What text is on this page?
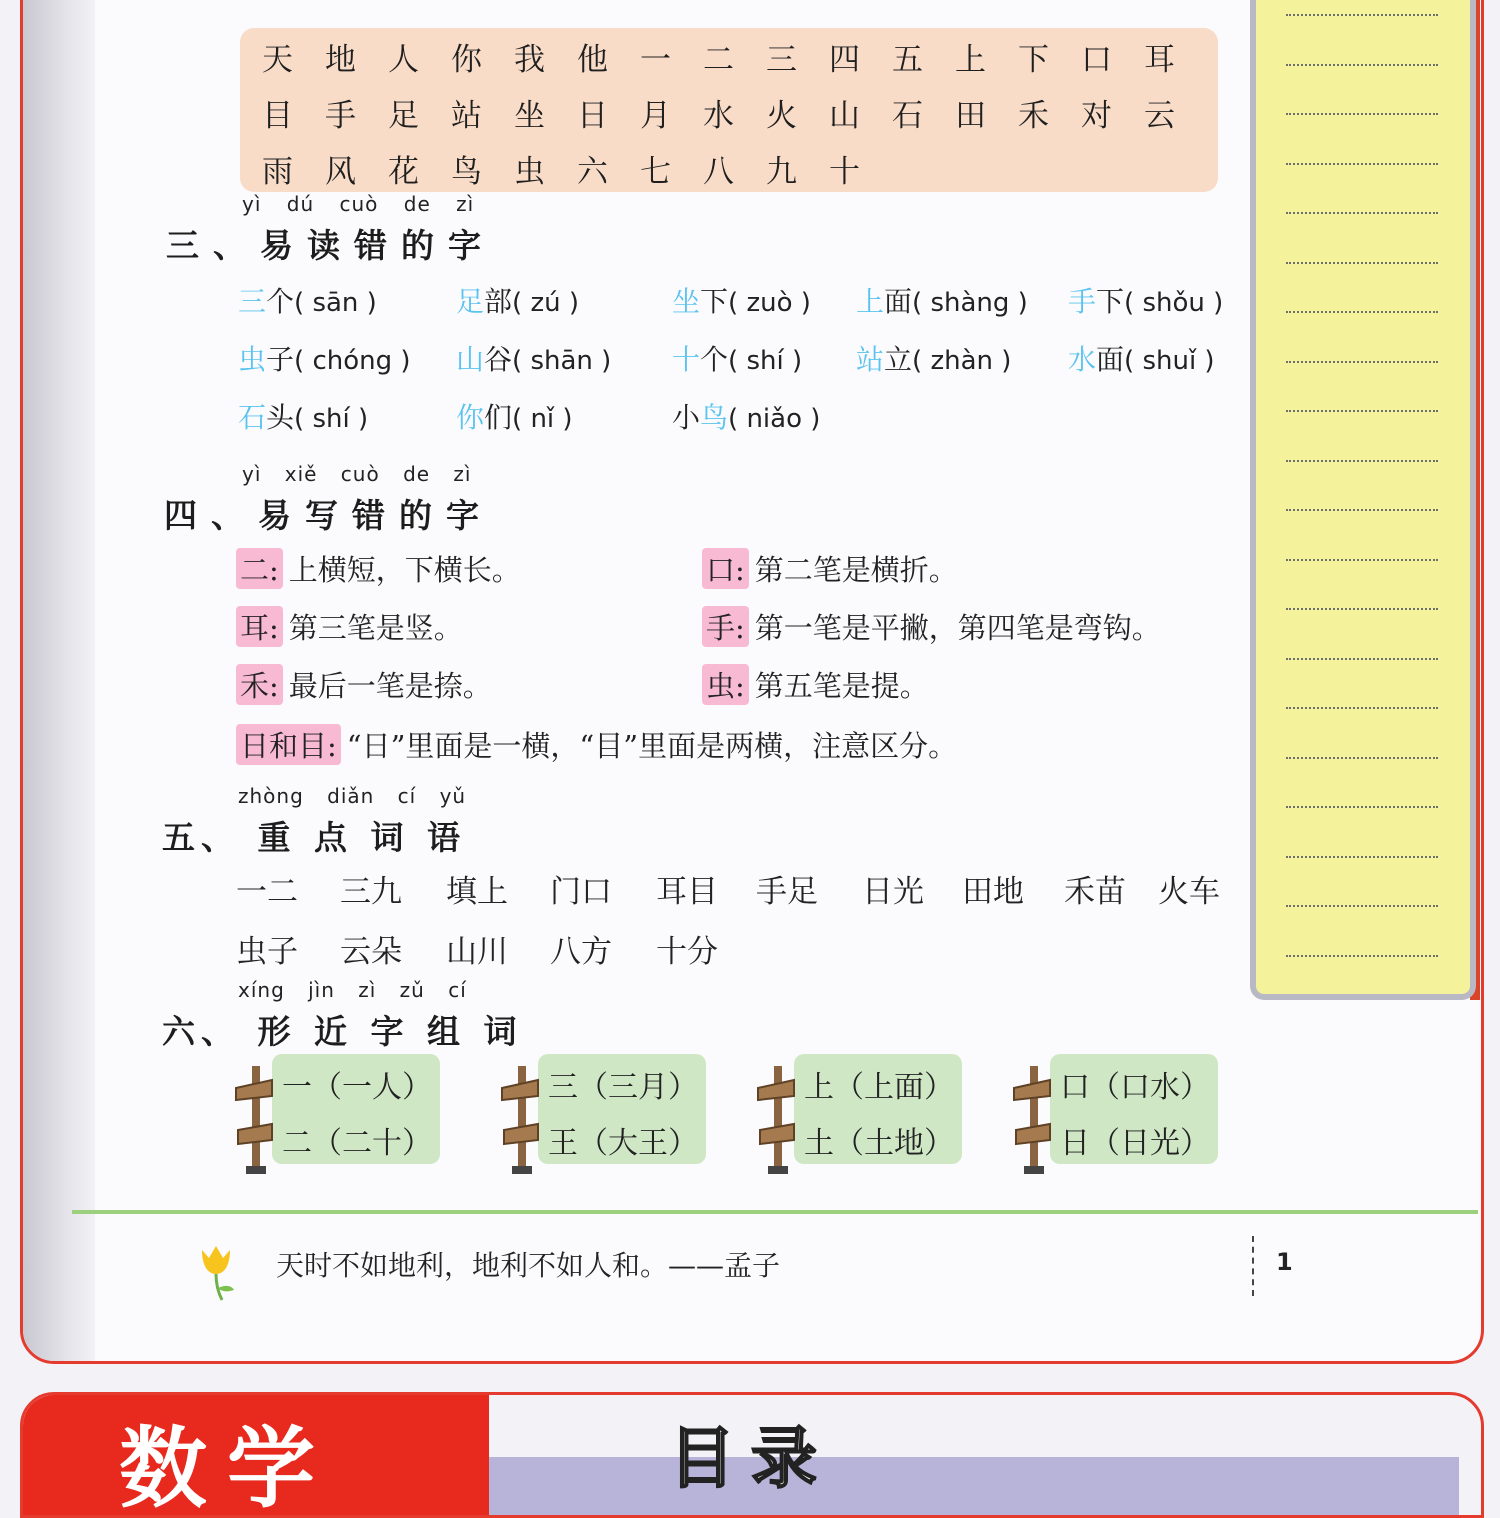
天 地 人 你 我 他 一 二 三 四 五 上 下 口 耳
目 手 足 站 坐 日 月 水 火 山 石 田 禾 对 云
雨 风 花 鸟 虫 六 七 八 九 十
yì dú cuò de zì
三、易读错的字
三个( sān )	足部( zú )	坐下( zuò ) 上面( shàng ) 手下( shǒu )
虫子( chóng ) 山谷( shān ) 十个( shí ) 站立( zhàn ) 水面( shuǐ )
石头( shí )	你们( nǐ )	小鸟( niǎo )
yì xiě cuò de zì
四、易写错的字
二: 上横短，下横长。	口: 第二笔是横折。
耳: 第三笔是竖。	手: 第一笔是平撇，第四笔是弯钩。
禾: 最后一笔是捺。	虫: 第五笔是提。
日和目: “日”里面是一横，“目”里面是两横，注意区分。
zhòng diǎn cí yǔ
五、 重 点 词 语
一二 三九 填上 门口 耳目 手足 日光 田地 禾苗 火车
虫子 云朵 山川 八方 十分
xíng jìn zì zǔ cí
六、 形 近 字 组 词
一（一人）
二（二十）
三（三月）
王（大王）
上（上面）
土（土地）
口（口水）
日（日光）
天时不如地利，地利不如人和。——孟子	1
数学	目录
